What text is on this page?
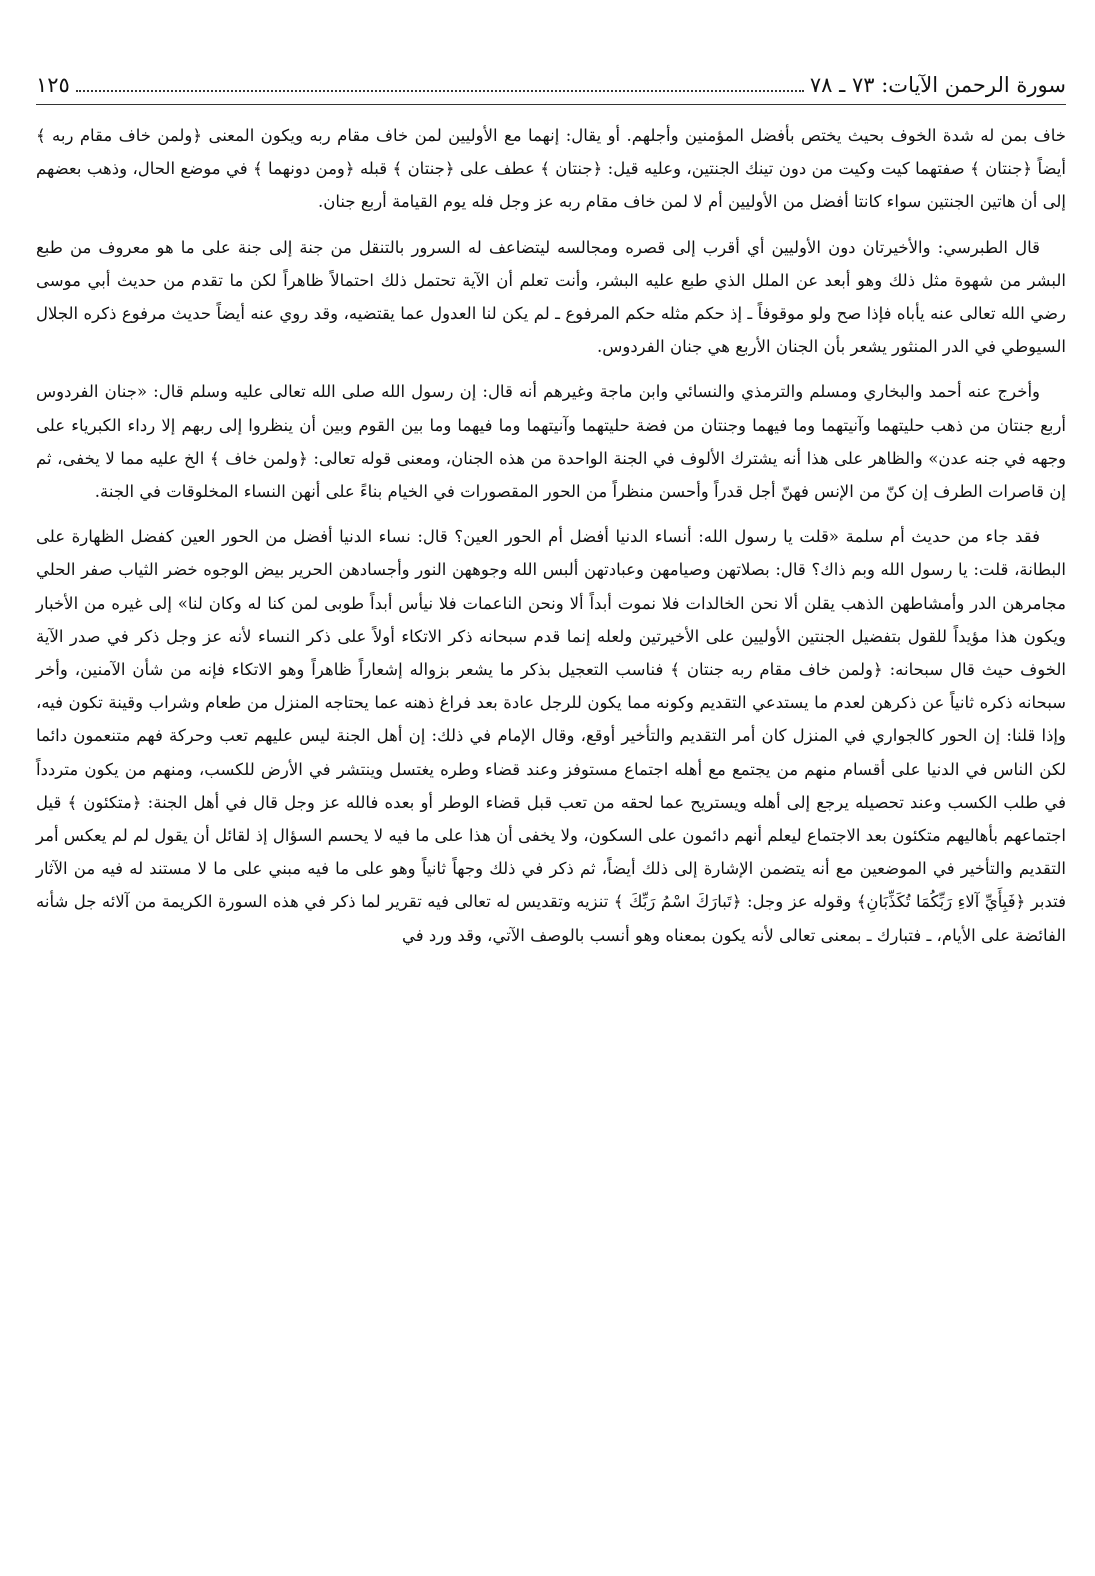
سورة الرحمن الآيات: ٧٣ ـ ٧٨
١٢٥

خاف بمن له شدة الخوف بحيث يختص بأفضل المؤمنين وأجلهم. أو يقال: إنهما مع الأوليين لمن خاف مقام ربه ويكون المعنى ﴿ولمن خاف مقام ربه ﴾ أيضاً ﴿جنتان ﴾ صفتهما كيت وكيت من دون تينك الجنتين، وعليه قيل: ﴿جنتان ﴾ عطف على ﴿جنتان ﴾ قبله ﴿ومن دونهما ﴾ في موضع الحال، وذهب بعضهم إلى أن هاتين الجنتين سواء كانتا أفضل من الأوليين أم لا لمن خاف مقام ربه عز وجل فله يوم القيامة أربع جنان.

قال الطبرسي: والأخيرتان دون الأوليين أي أقرب إلى قصره ومجالسه ليتضاعف له السرور بالتنقل من جنة إلى جنة على ما هو معروف من طبع البشر من شهوة مثل ذلك وهو أبعد عن الملل الذي طبع عليه البشر، وأنت تعلم أن الآية تحتمل ذلك احتمالاً ظاهراً لكن ما تقدم من حديث أبي موسى رضي الله تعالى عنه يأباه فإذا صح ولو موقوفاً ـ إذ حكم مثله حكم المرفوع ـ لم يكن لنا العدول عما يقتضيه، وقد روي عنه أيضاً حديث مرفوع ذكره الجلال السيوطي في الدر المنثور يشعر بأن الجنان الأربع هي جنان الفردوس.

وأخرج عنه أحمد والبخاري ومسلم والترمذي والنسائي وابن ماجة وغيرهم أنه قال: إن رسول الله صلى الله تعالى عليه وسلم قال: «جنان الفردوس أربع جنتان من ذهب حليتهما وآنيتهما وما فيهما وجنتان من فضة حليتهما وآنيتهما وما فيهما وما بين القوم وبين أن ينظروا إلى ربهم إلا رداء الكبرياء على وجهه في جنه عدن» والظاهر على هذا أنه يشترك الألوف في الجنة الواحدة من هذه الجنان، ومعنى قوله تعالى: ﴿ولمن خاف ﴾ الخ عليه مما لا يخفى، ثم إن قاصرات الطرف إن كنّ من الإنس فهنّ أجل قدراً وأحسن منظراً من الحور المقصورات في الخيام بناءً على أنهن النساء المخلوقات في الجنة.

فقد جاء من حديث أم سلمة «قلت يا رسول الله: أنساء الدنيا أفضل أم الحور العين؟ قال: نساء الدنيا أفضل من الحور العين كفضل الظهارة على البطانة، قلت: يا رسول الله وبم ذاك؟ قال: بصلاتهن وصيامهن وعبادتهن ألبس الله وجوههن النور وأجسادهن الحرير بيض الوجوه خضر الثياب صفر الحلي مجامرهن الدر وأمشاطهن الذهب يقلن ألا نحن الخالدات فلا نموت أبداً ألا ونحن الناعمات فلا نيأس أبداً طوبى لمن كنا له وكان لنا» إلى غيره من الأخبار ويكون هذا مؤيداً للقول بتفضيل الجنتين الأوليين على الأخيرتين ولعله إنما قدم سبحانه ذكر الاتكاء أولاً على ذكر النساء لأنه عز وجل ذكر في صدر الآية الخوف حيث قال سبحانه: ﴿ولمن خاف مقام ربه جنتان ﴾ فناسب التعجيل بذكر ما يشعر بزواله إشعاراً ظاهراً وهو الاتكاء فإنه من شأن الآمنين، وأخر سبحانه ذكره ثانياً عن ذكرهن لعدم ما يستدعي التقديم وكونه مما يكون للرجل عادة بعد فراغ ذهنه عما يحتاجه المنزل من طعام وشراب وقينة تكون فيه، وإذا قلنا: إن الحور كالجواري في المنزل كان أمر التقديم والتأخير أوقع، وقال الإمام في ذلك: إن أهل الجنة ليس عليهم تعب وحركة فهم متنعمون دائما لكن الناس في الدنيا على أقسام منهم من يجتمع مع أهله اجتماع مستوفز وعند قضاء وطره يغتسل وينتشر في الأرض للكسب، ومنهم من يكون متردداً في طلب الكسب وعند تحصيله يرجع إلى أهله ويستريح عما لحقه من تعب قبل قضاء الوطر أو بعده فالله عز وجل قال في أهل الجنة: ﴿متكئون ﴾ قيل اجتماعهم بأهاليهم متكئون بعد الاجتماع ليعلم أنهم دائمون على السكون، ولا يخفى أن هذا على ما فيه لا يحسم السؤال إذ لقائل أن يقول لم لم يعكس أمر التقديم والتأخير في الموضعين مع أنه يتضمن الإشارة إلى ذلك أيضاً، ثم ذكر في ذلك وجهاً ثانياً وهو على ما فيه مبني على ما لا مستند له فيه من الآثار فتدبر ﴿فَبِأَيِّ آلاءِ رَبِّكُمَا تُكَذِّبَانِ﴾ وقوله عز وجل: ﴿تَبارَكَ اسْمُ رَبِّكَ ﴾ تنزيه وتقديس له تعالى فيه تقرير لما ذكر في هذه السورة الكريمة من آلائه جل شأنه الفائضة على الأيام، ـ فتبارك ـ بمعنى تعالى لأنه يكون بمعناه وهو أنسب بالوصف الآتي، وقد ورد في
